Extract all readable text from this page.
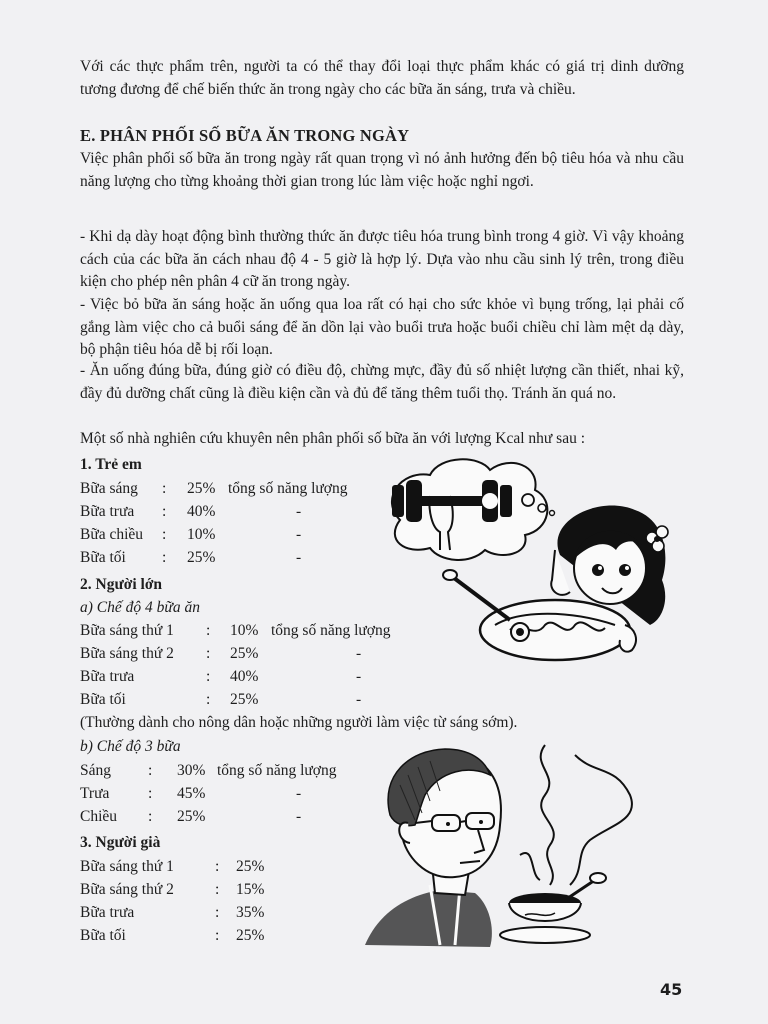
Với các thực phẩm trên, người ta có thể thay đổi loại thực phẩm khác có giá trị dinh dưỡng tương đương để chế biến thức ăn trong ngày cho các bữa ăn sáng, trưa và chiều.
E. PHÂN PHỐI SỐ BỮA ĂN TRONG NGÀY
Việc phân phối số bữa ăn trong ngày rất quan trọng vì nó ảnh hưởng đến bộ tiêu hóa và nhu cầu năng lượng cho từng khoảng thời gian trong lúc làm việc hoặc nghỉ ngơi.
- Khi dạ dày hoạt động bình thường thức ăn được tiêu hóa trung bình trong 4 giờ. Vì vậy khoảng cách của các bữa ăn cách nhau độ 4 - 5 giờ là hợp lý. Dựa vào nhu cầu sinh lý trên, trong điều kiện cho phép nên phân 4 cữ ăn trong ngày.
- Việc bỏ bữa ăn sáng hoặc ăn uống qua loa rất có hại cho sức khỏe vì bụng trống, lại phải cố gắng làm việc cho cả buổi sáng để ăn dồn lại vào buổi trưa hoặc buổi chiều chỉ làm mệt dạ dày, bộ phận tiêu hóa dễ bị rối loạn.
- Ăn uống đúng bữa, đúng giờ có điều độ, chừng mực, đầy đủ số nhiệt lượng cần thiết, nhai kỹ, đầy đủ dưỡng chất cũng là điều kiện cần và đủ để tăng thêm tuổi thọ. Tránh ăn quá no.
Một số nhà nghiên cứu khuyên nên phân phối số bữa ăn với lượng Kcal như sau :
1. Trẻ em
Bữa sáng : 25% tổng số năng lượng
Bữa trưa : 40%	-
Bữa chiều : 10%	-
Bữa tối : 25%	-
2. Người lớn
a) Chế độ 4 bữa ăn
Bữa sáng thứ 1 : 10% tổng số năng lượng
Bữa sáng thứ 2 : 25%	-
Bữa trưa	: 40%	-
Bữa tối	: 25%	-
(Thường dành cho nông dân hoặc những người làm việc từ sáng sớm).
b) Chế độ 3 bữa
Sáng : 30% tổng số năng lượng
Trưa : 45%	-
Chiều : 25%	-
3. Người già
Bữa sáng thứ 1	: 25%
Bữa sáng thứ 2	: 15%
Bữa trưa	: 35%
Bữa tối	: 25%
45
